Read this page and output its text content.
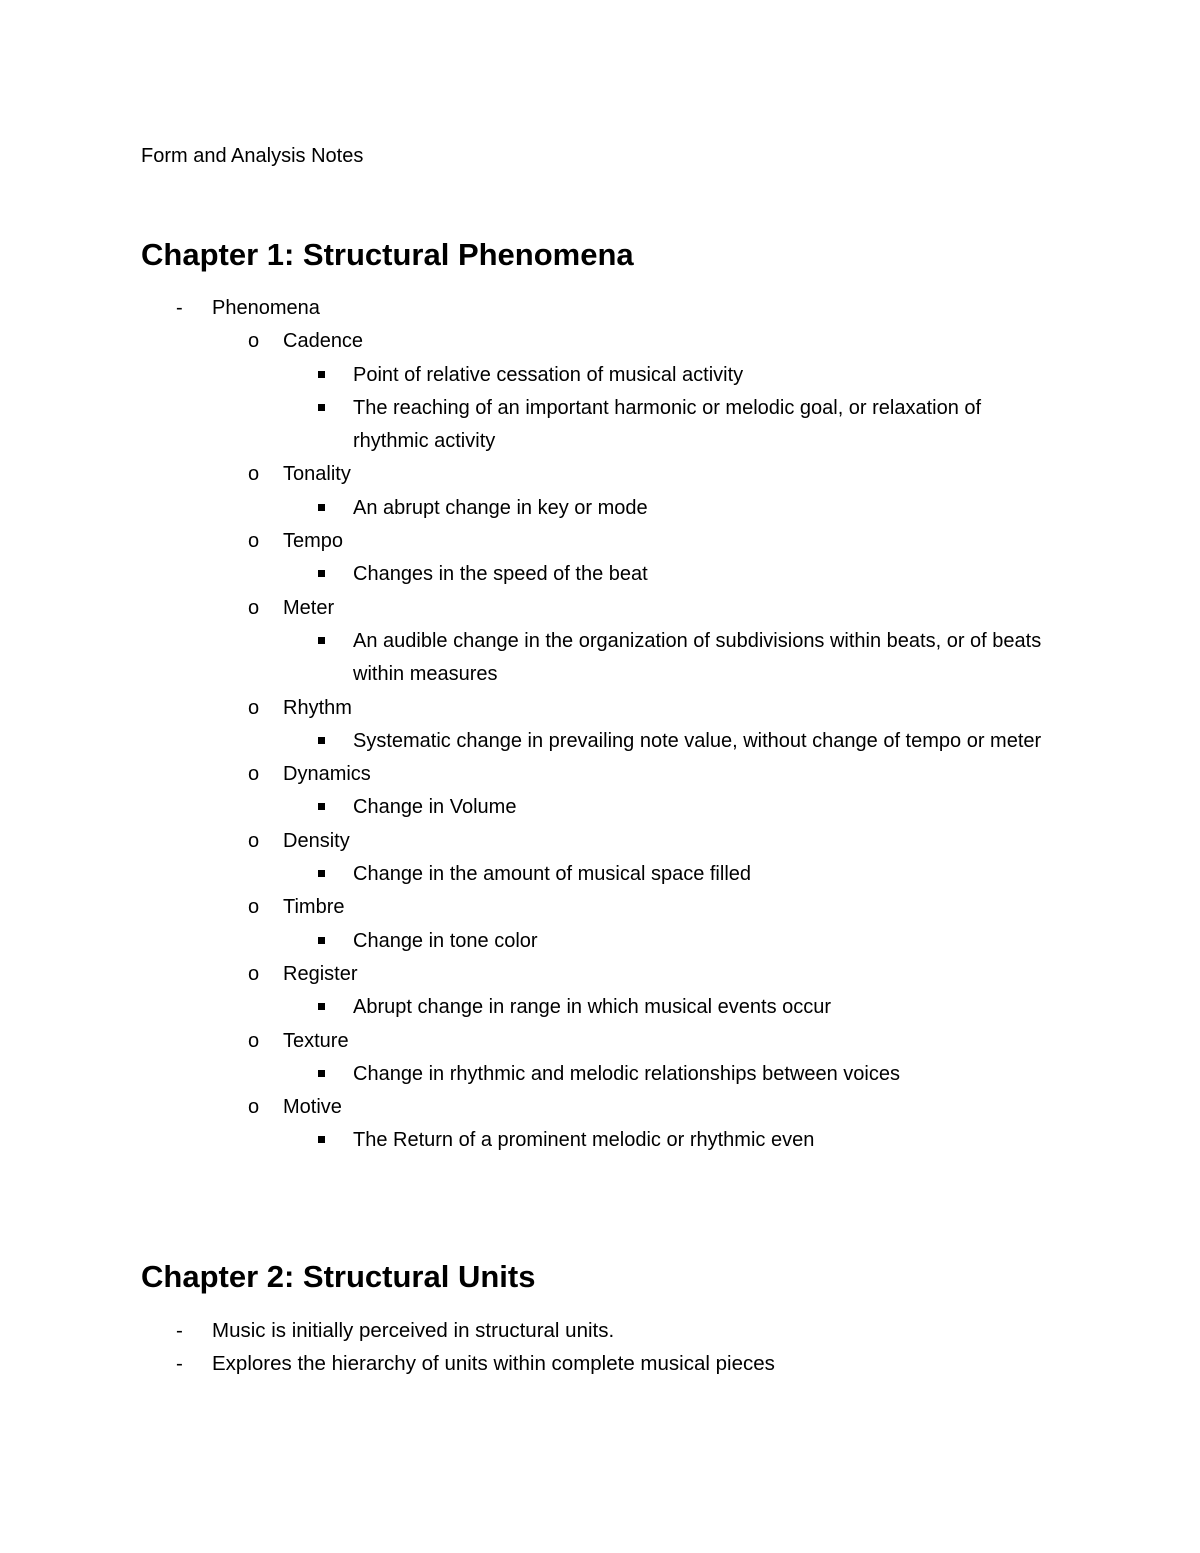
Form and Analysis Notes
Chapter 1: Structural Phenomena
- Phenomena
o Cadence
Point of relative cessation of musical activity
The reaching of an important harmonic or melodic goal, or relaxation of rhythmic activity
o Tonality
An abrupt change in key or mode
o Tempo
Changes in the speed of the beat
o Meter
An audible change in the organization of subdivisions within beats, or of beats within measures
o Rhythm
Systematic change in prevailing note value, without change of tempo or meter
o Dynamics
Change in Volume
o Density
Change in the amount of musical space filled
o Timbre
Change in tone color
o Register
Abrupt change in range in which musical events occur
o Texture
Change in rhythmic and melodic relationships between voices
o Motive
The Return of a prominent melodic or rhythmic even
Chapter 2: Structural Units
- Music is initially perceived in structural units.
- Explores the hierarchy of units within complete musical pieces
